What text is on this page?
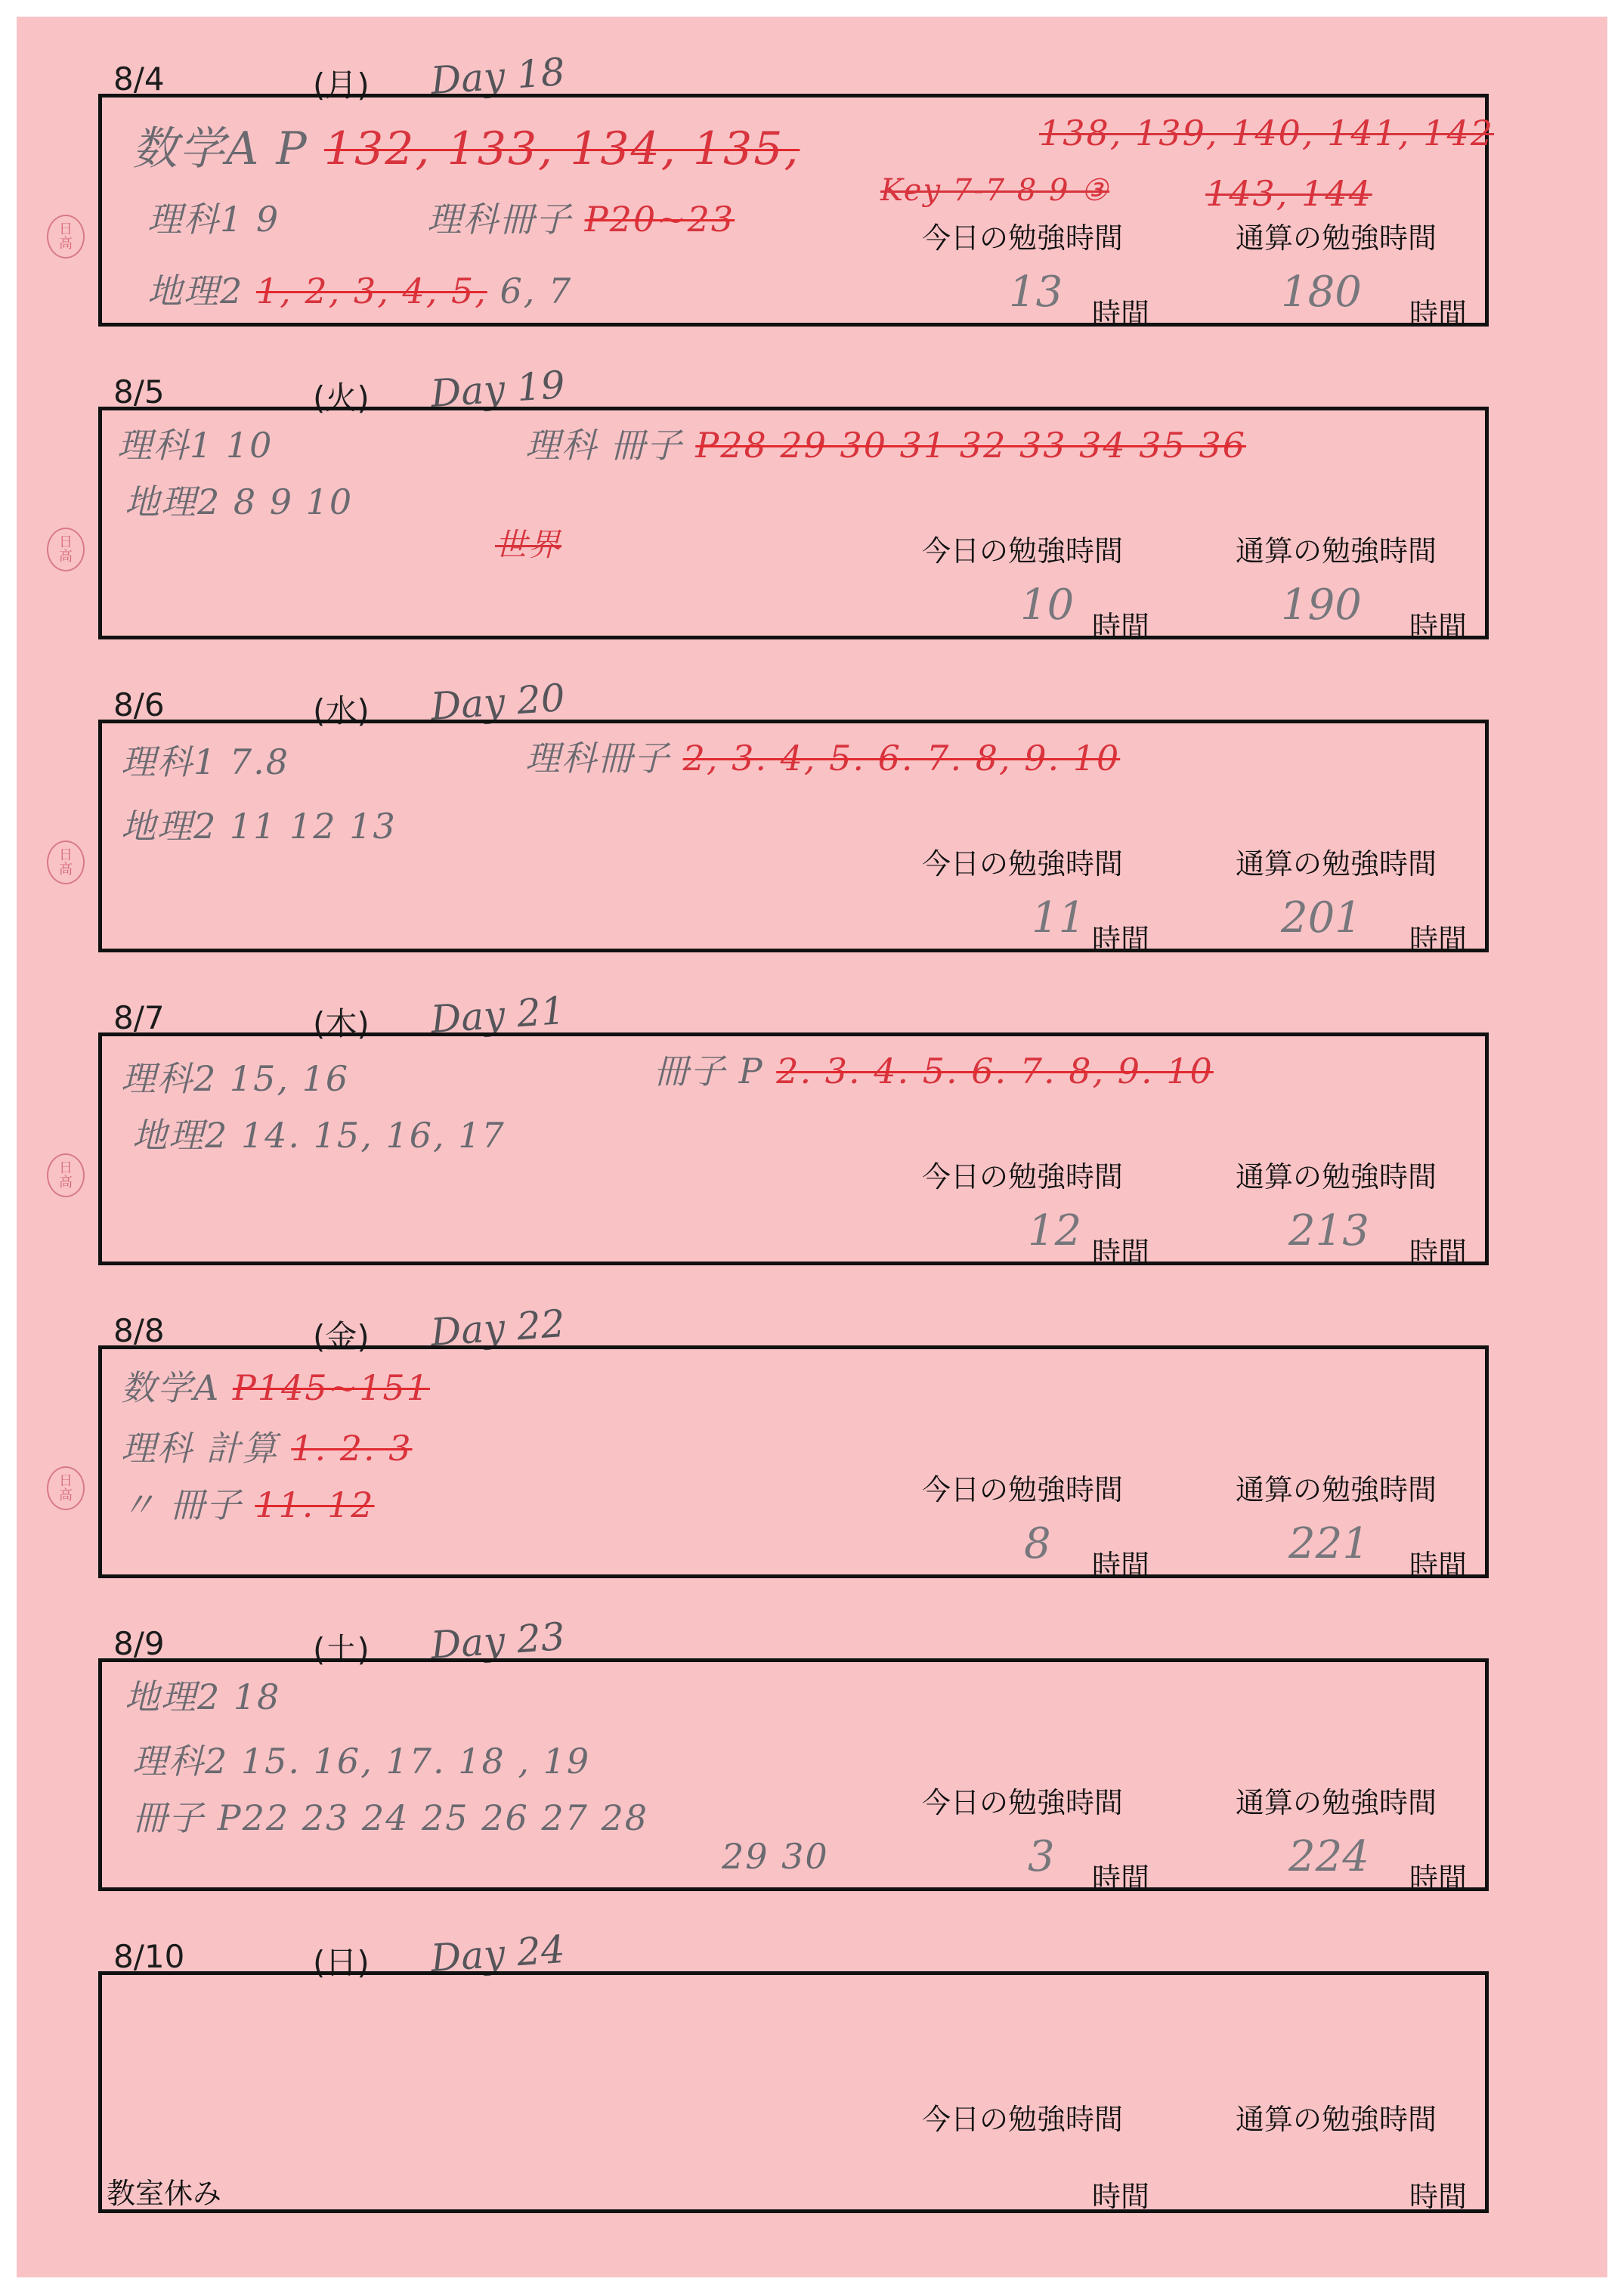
8/4	(月) Day 18
日
高
数学A P 132, 133, 134, 135,	138, 139, 140, 141, 142
理科1 9	理科冊子 P20~23
Key 7-7 8 9 ③	143, 144
地理2 1, 2, 3, 4, 5, 6, 7
今日の勉強時間	通算の勉強時間
13 時間	180 時間
8/5	(火) Day 19
日
高
理科1 10	理科 冊子 P28 29 30 31 32 33 34 35 36
地理2 8 9 10
世界	今日の勉強時間	通算の勉強時間
10 時間	190 時間
8/6	(水) Day 20
日
高
理科1 7.8	理科冊子 2, 3. 4, 5. 6. 7. 8, 9. 10
地理2 11 12 13
今日の勉強時間	通算の勉強時間
11 時間	201 時間
8/7	(木) Day 21
日
高
理科2 15, 16	冊子 P 2. 3. 4. 5. 6. 7. 8, 9. 10
地理2 14. 15, 16, 17
今日の勉強時間	通算の勉強時間
12 時間	213 時間
8/8	(金) Day 22
日
高
数学A P145~151
理科 計算 1. 2. 3
〃 冊子 11. 12	今日の勉強時間	通算の勉強時間
8 時間	221 時間
8/9	(土) Day 23
地理2 18
理科2 15. 16, 17. 18 , 19
冊子 P22 23 24 25 26 27 28
29 30
今日の勉強時間	通算の勉強時間
3 時間	224 時間
8/10	(日) Day 24
教室休み
今日の勉強時間	通算の勉強時間
時間	時間
